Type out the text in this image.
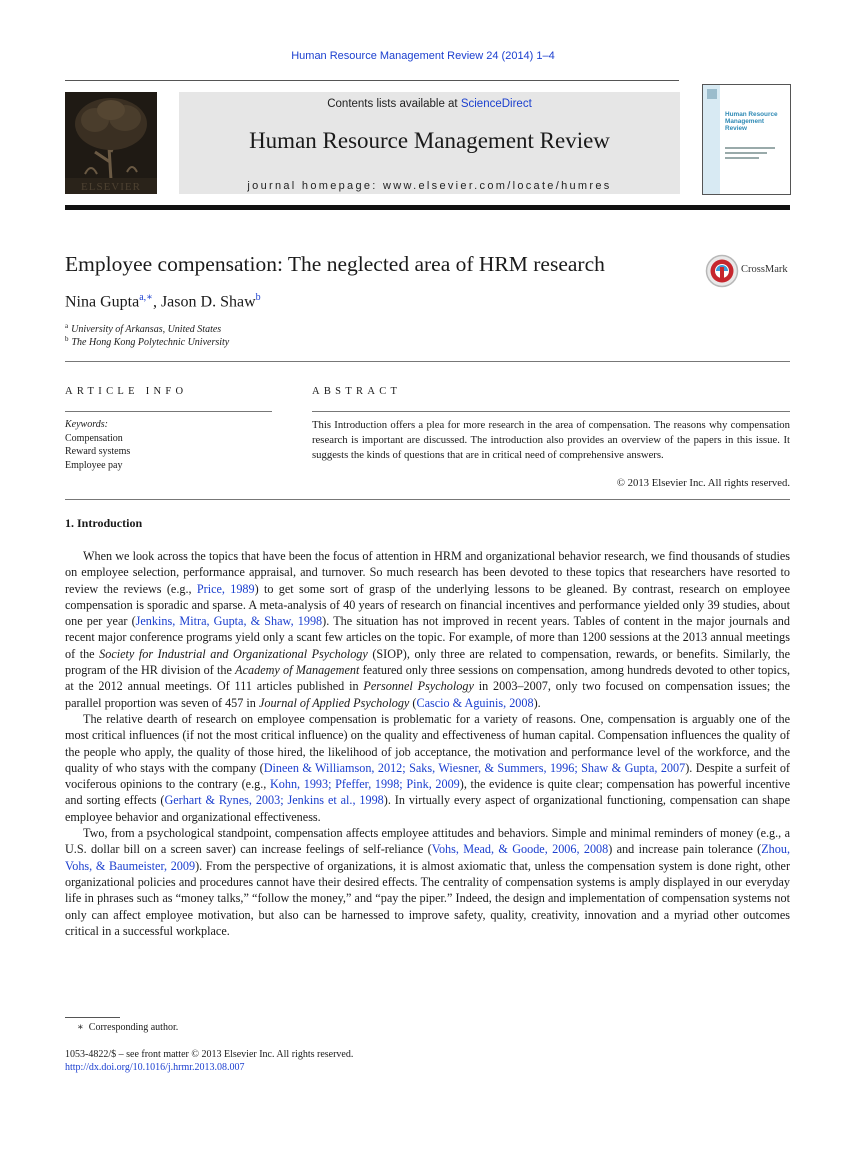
Human Resource Management Review 24 (2014) 1–4
ELSEVIER
Contents lists available at ScienceDirect
Human Resource Management Review
journal homepage: www.elsevier.com/locate/humres
Human Resource Management Review
Employee compensation: The neglected area of HRM research	CrossMark
Nina Gupta$^{a,∗}$, Jason D. Shaw$^b$
$^a$ University of Arkansas, United States
$^b$ The Hong Kong Polytechnic University
ARTICLE INFO	ABSTRACT
Keywords:
Compensation
Reward systems
Employee pay
This Introduction offers a plea for more research in the area of compensation. The reasons why compensation research is important are discussed. The introduction also provides an overview of the papers in this issue. It suggests the kinds of questions that are in critical need of comprehensive answers.
© 2013 Elsevier Inc. All rights reserved.
1. Introduction

When we look across the topics that have been the focus of attention in HRM and organizational behavior research, we find thousands of studies on employee selection, performance appraisal, and turnover. So much research has been devoted to these topics that researchers have resorted to review the reviews (e.g., Price, 1989) to get some sort of grasp of the underlying lessons to be gleaned. By contrast, research on employee compensation is sporadic and sparse. A meta-analysis of 40 years of research on financial incentives and performance yielded only 39 studies, about one per year (Jenkins, Mitra, Gupta, & Shaw, 1998). The situation has not improved in recent years. Tables of content in the major journals and recent major conference programs yield only a scant few articles on the topic. For example, of more than 1200 sessions at the 2013 annual meetings of the Society for Industrial and Organizational Psychology (SIOP), only three are related to compensation, rewards, or benefits. Similarly, the program of the HR division of the Academy of Management featured only three sessions on compensation, among hundreds devoted to other topics, at the 2012 annual meetings. Of 111 articles published in Personnel Psychology in 2003–2007, only two focused on compensation issues; the parallel proportion was seven of 457 in Journal of Applied Psychology (Cascio & Aguinis, 2008).

The relative dearth of research on employee compensation is problematic for a variety of reasons. One, compensation is arguably one of the most critical influences (if not the most critical influence) on the quality and effectiveness of human capital. Compensation influences the quality of the people who apply, the quality of those hired, the likelihood of job acceptance, the motivation and performance level of the workforce, and the quality of who stays with the company (Dineen & Williamson, 2012; Saks, Wiesner, & Summers, 1996; Shaw & Gupta, 2007). Despite a surfeit of vociferous opinions to the contrary (e.g., Kohn, 1993; Pfeffer, 1998; Pink, 2009), the evidence is quite clear; compensation has powerful incentive and sorting effects (Gerhart & Rynes, 2003; Jenkins et al., 1998). In virtually every aspect of organizational functioning, compensation can shape employee behavior and organizational effectiveness.

Two, from a psychological standpoint, compensation affects employee attitudes and behaviors. Simple and minimal reminders of money (e.g., a U.S. dollar bill on a screen saver) can increase feelings of self-reliance (Vohs, Mead, & Goode, 2006, 2008) and increase pain tolerance (Zhou, Vohs, & Baumeister, 2009). From the perspective of organizations, it is almost axiomatic that, unless the compensation system is done right, other organizational policies and procedures cannot have their desired effects. The centrality of compensation systems is amply displayed in our everyday life in phrases such as “money talks,” “follow the money,” and “pay the piper.” Indeed, the design and implementation of compensation systems not only can affect employee motivation, but also can be harnessed to improve safety, quality, creativity, innovation and a myriad other outcomes critical in a successful workplace.

∗ Corresponding author.
1053-4822/$ – see front matter © 2013 Elsevier Inc. All rights reserved.
http://dx.doi.org/10.1016/j.hrmr.2013.08.007
